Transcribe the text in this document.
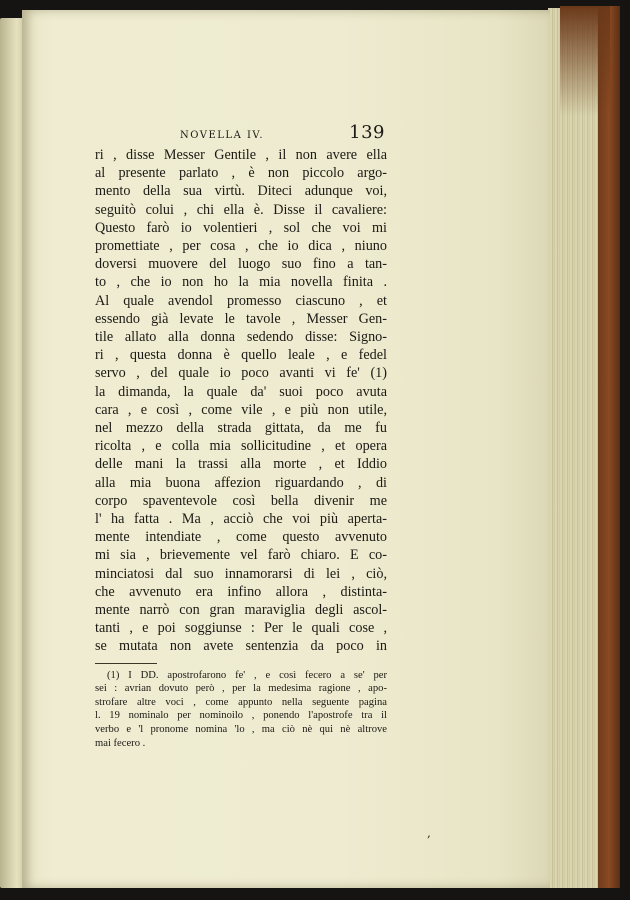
NOVELLA IV.	139
ri , disse Messer Gentile , il non avere ella
al presente parlato , è non piccolo argo-
mento della sua virtù. Diteci adunque voi,
seguitò colui , chi ella è. Disse il cavaliere:
Questo farò io volentieri , sol che voi mi
promettiate , per cosa , che io dica , niuno
doversi muovere del luogo suo fino a tan-
to , che io non ho la mia novella finita .
Al quale avendol promesso ciascuno , et
essendo già levate le tavole , Messer Gen-
tile allato alla donna sedendo disse: Signo-
ri , questa donna è quello leale , e fedel
servo , del quale io poco avanti vi fe' (1)
la dimanda, la quale da' suoi poco avuta
cara , e così , come vile , e più non utile,
nel mezzo della strada gittata, da me fu
ricolta , e colla mia sollicitudine , et opera
delle mani la trassi alla morte , et Iddio
alla mia buona affezion riguardando , di
corpo spaventevole così bella divenir me
l' ha fatta . Ma , acciò che voi più aperta-
mente intendiate , come questo avvenuto
mi sia , brievemente vel farò chiaro. E co-
minciatosi dal suo innamorarsi di lei , ciò,
che avvenuto era infino allora , distinta-
mente narrò con gran maraviglia degli ascol-
tanti , e poi soggiunse : Per le quali cose ,
se mutata non avete sentenzia da poco in
(1) I DD. apostrofarono fe' , e così fecero a se' per
sei : avrian dovuto però , per la medesima ragione , apo-
strofare altre voci , come appunto nella seguente pagina
l. 19 nominalo per nominoilo , ponendo l'apostrofe tra il
verbo e 'l pronome nomina 'lo , ma ciò nè qui nè altrove
mai fecero .
,
